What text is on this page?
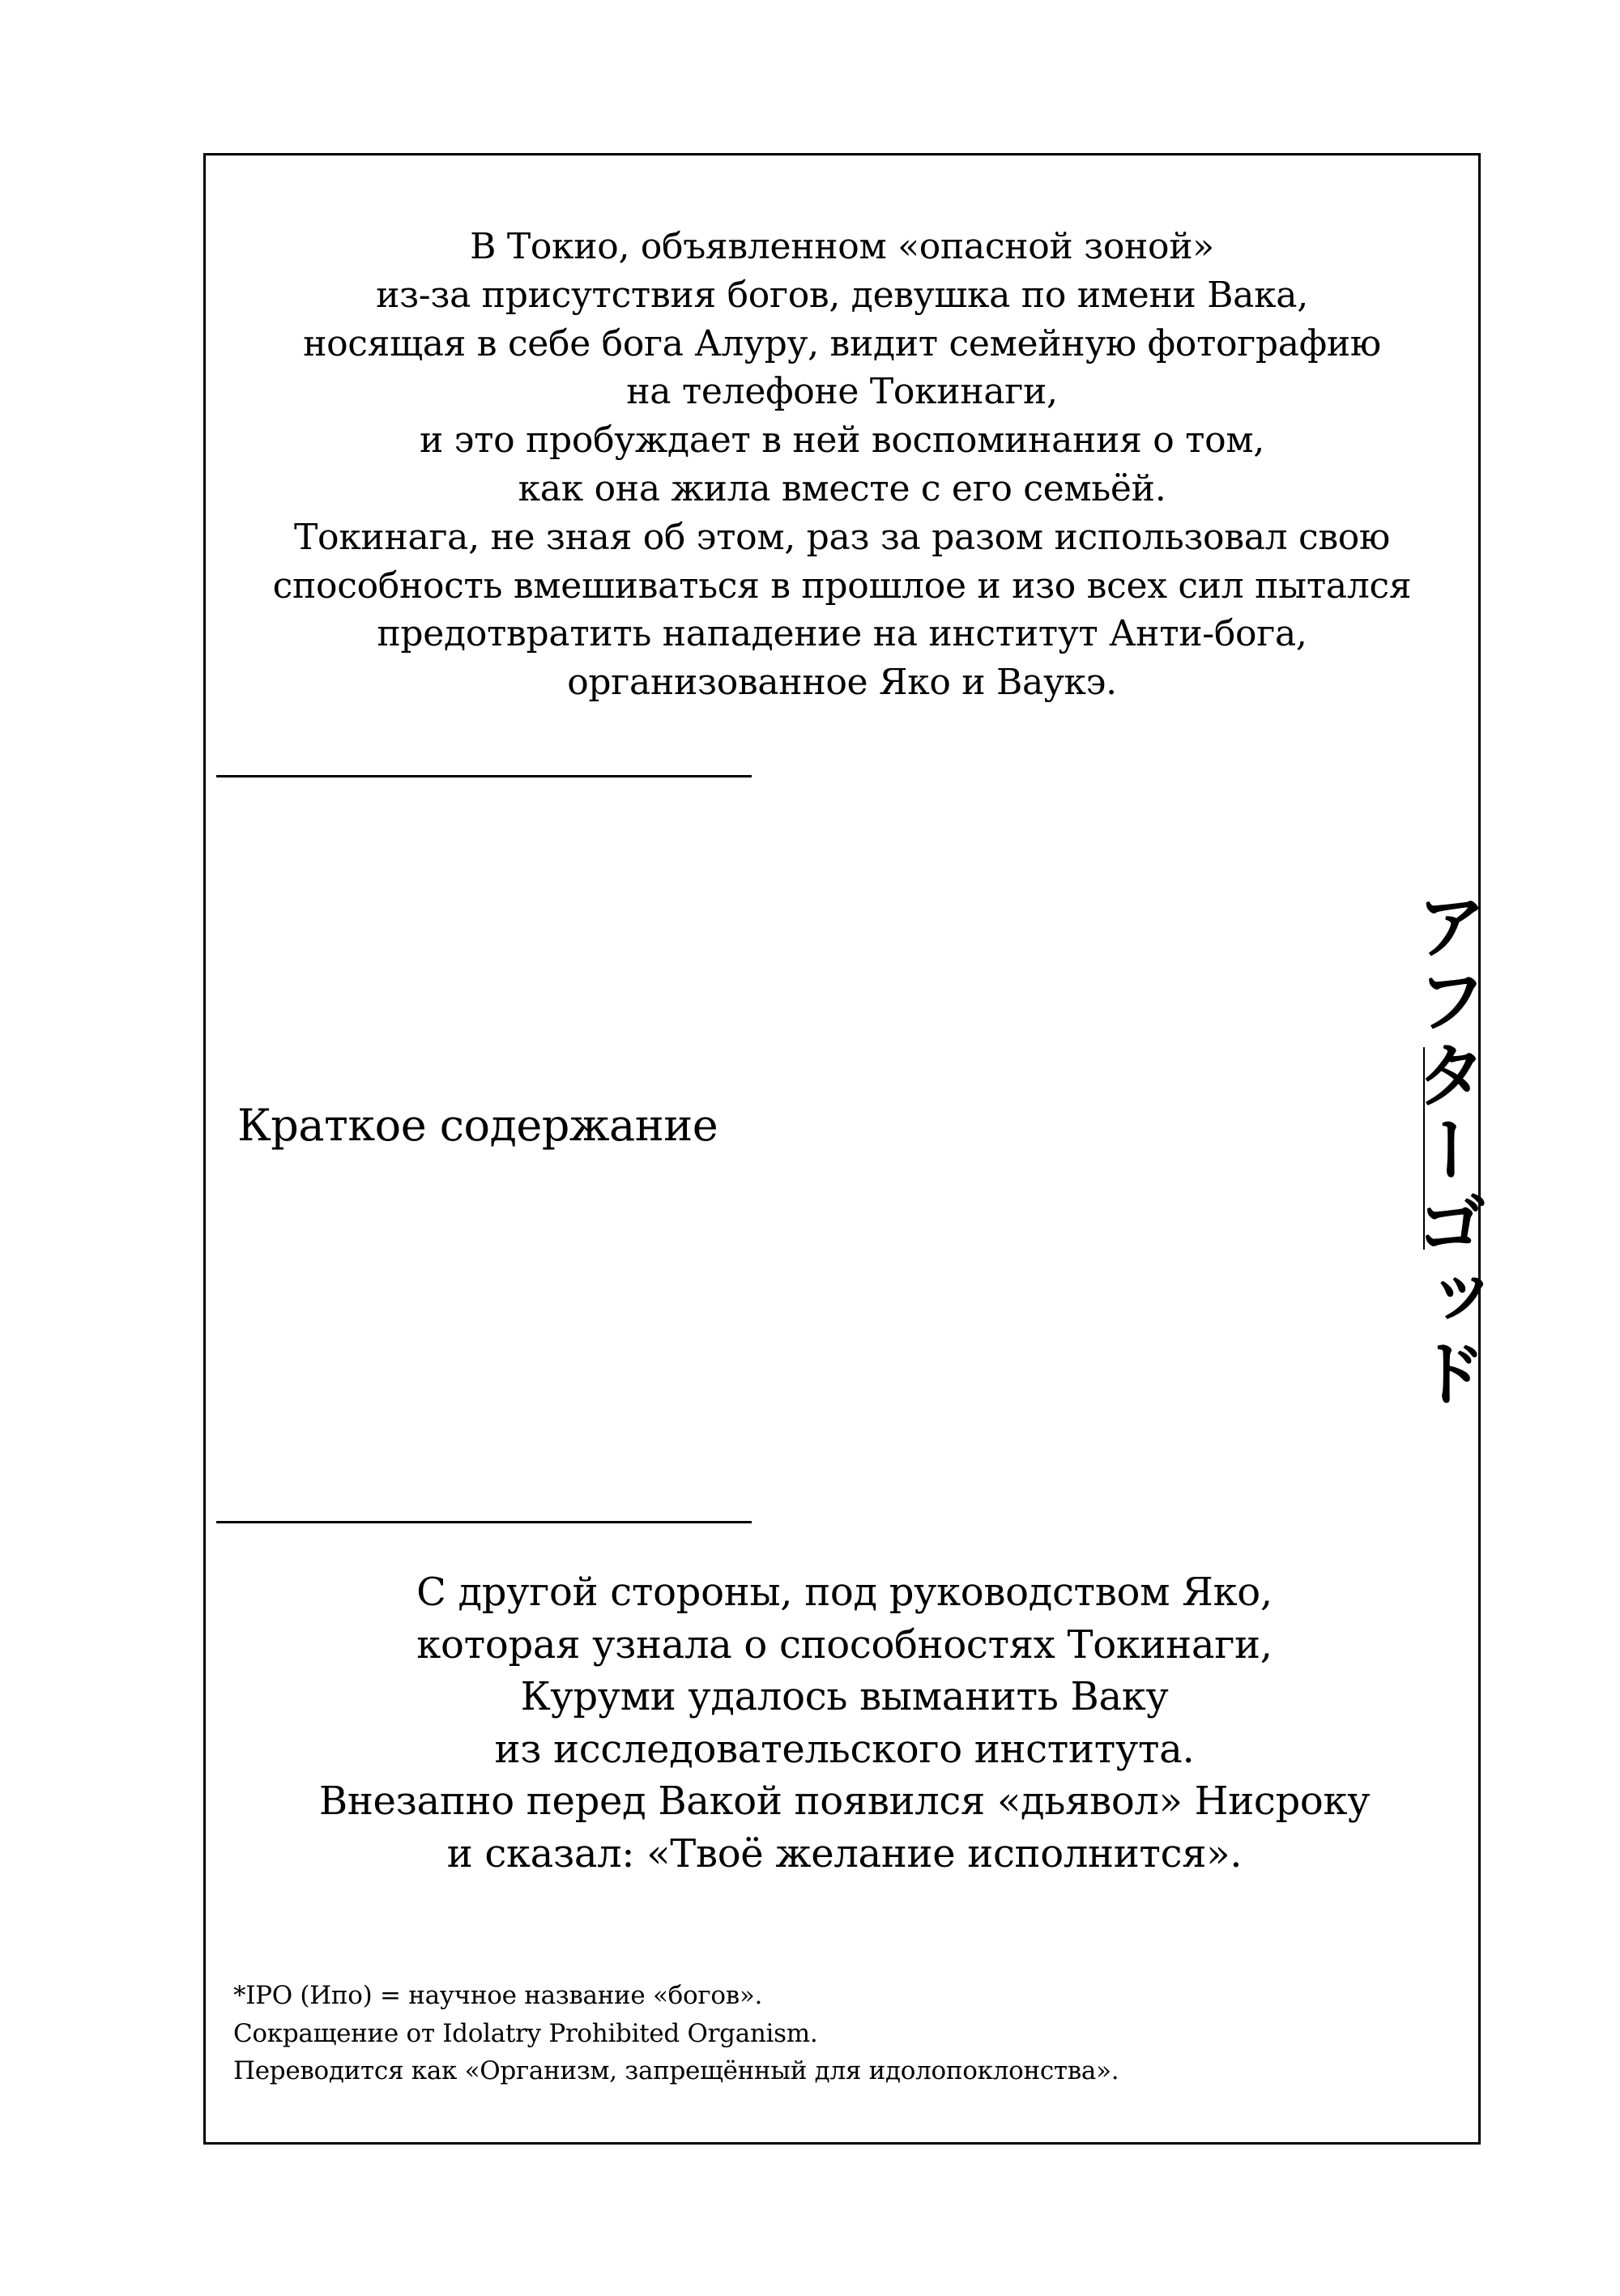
В Токио, объявленном «опасной зоной»
из-за присутствия богов, девушка по имени Вака,
носящая в себе бога Алуру, видит семейную фотографию
на телефоне Токинаги,
и это пробуждает в ней воспоминания о том,
как она жила вместе с его семьёй.
Токинага, не зная об этом, раз за разом использовал свою
способность вмешиваться в прошлое и изо всех сил пытался
предотвратить нападение на институт Анти-бога,
организованное Яко и Ваукэ.
Краткое содержание	アフターゴッド
С другой стороны, под руководством Яко,
которая узнала о способностях Токинаги,
Куруми удалось выманить Ваку
из исследовательского института.
Внезапно перед Вакой появился «дьявол» Нисроку
и сказал: «Твоё желание исполнится».
*IPO (Ипо) = научное название «богов».
Сокращение от Idolatry Prohibited Organism.
Переводится как «Организм, запрещённый для идолопоклонства».
